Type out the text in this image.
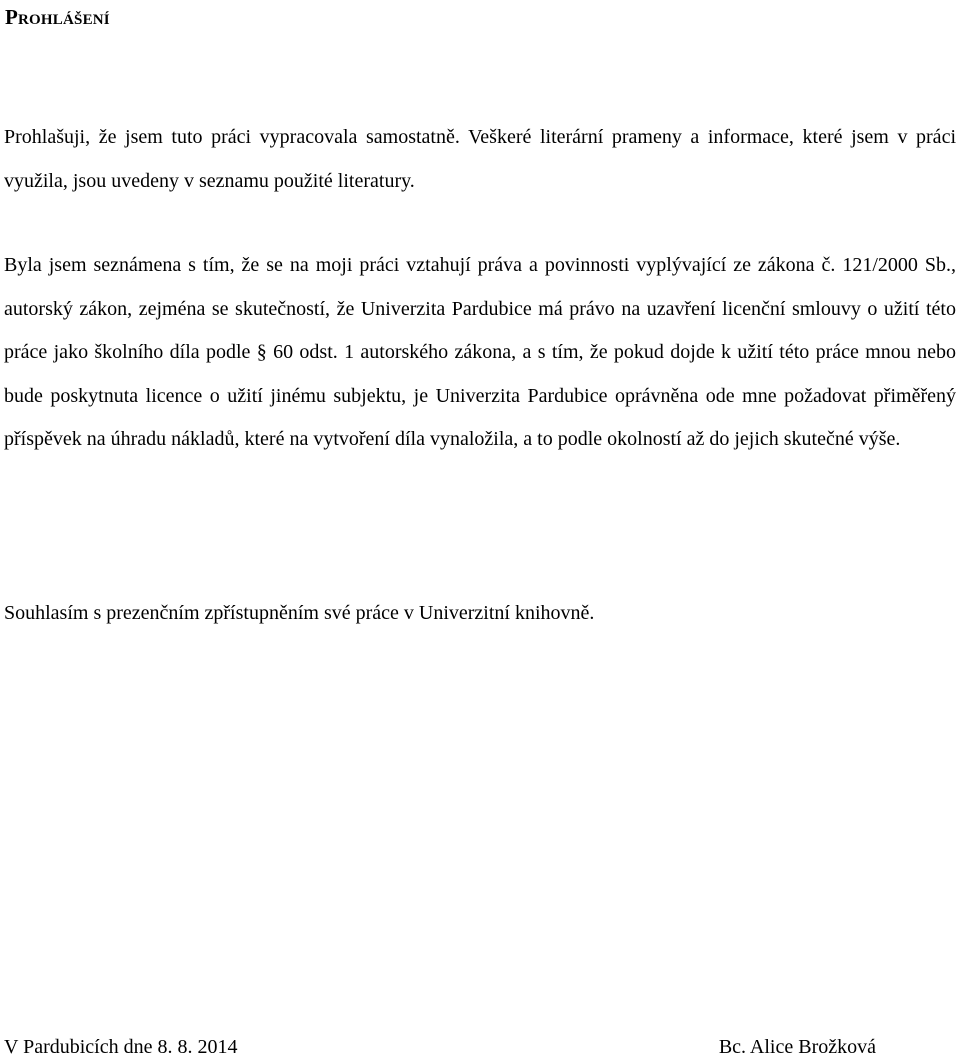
Prohlášení

Prohlašuji, že jsem tuto práci vypracovala samostatně. Veškeré literární prameny a informace, které jsem v práci využila, jsou uvedeny v seznamu použité literatury.

Byla jsem seznámena s tím, že se na moji práci vztahují práva a povinnosti vyplývající ze zákona č. 121/2000 Sb., autorský zákon, zejména se skutečností, že Univerzita Pardubice má právo na uzavření licenční smlouvy o užití této práce jako školního díla podle § 60 odst. 1 autorského zákona, a s tím, že pokud dojde k užití této práce mnou nebo bude poskytnuta licence o užití jinému subjektu, je Univerzita Pardubice oprávněna ode mne požadovat přiměřený příspěvek na úhradu nákladů, které na vytvoření díla vynaložila, a to podle okolností až do jejich skutečné výše.

Souhlasím s prezenčním zpřístupněním své práce v Univerzitní knihovně.

V Pardubicích dne 8. 8. 2014	Bc. Alice Brožková
